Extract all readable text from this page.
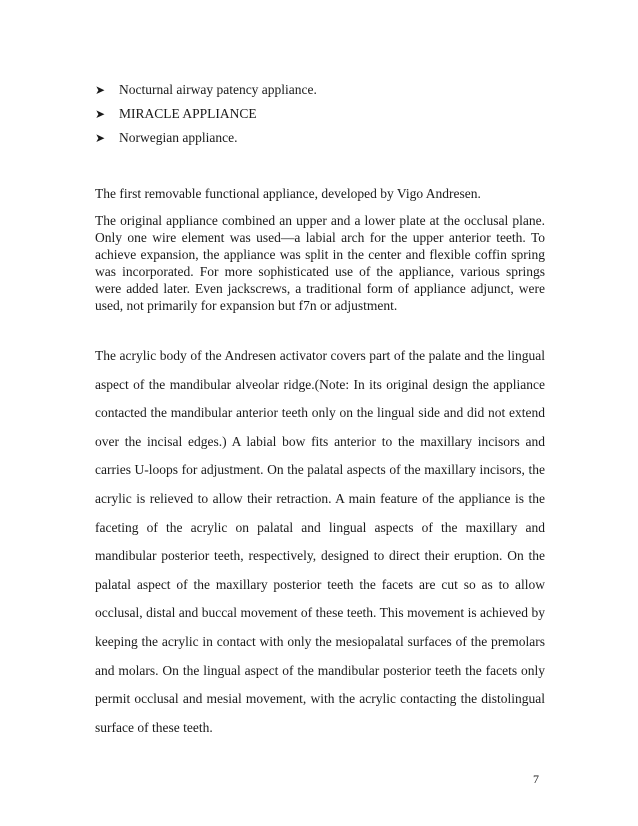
➤ Nocturnal airway patency appliance.
➤ MIRACLE APPLIANCE
➤ Norwegian appliance.

The first removable functional appliance, developed by Vigo Andresen.

The original appliance combined an upper and a lower plate at the occlusal plane. Only one wire element was used—a labial arch for the upper anterior teeth. To achieve expansion, the appliance was split in the center and flexible coffin spring was incorporated. For more sophisticated use of the appliance, various springs were added later. Even jackscrews, a traditional form of appliance adjunct, were used, not primarily for expansion but f7n or adjustment.

The acrylic body of the Andresen activator covers part of the palate and the lingual aspect of the mandibular alveolar ridge.(Note: In its original design the appliance contacted the mandibular anterior teeth only on the lingual side and did not extend over the incisal edges.) A labial bow fits anterior to the maxillary incisors and carries U-loops for adjustment. On the palatal aspects of the maxillary incisors, the acrylic is relieved to allow their retraction. A main feature of the appliance is the faceting of the acrylic on palatal and lingual aspects of the maxillary and mandibular posterior teeth, respectively, designed to direct their eruption. On the palatal aspect of the maxillary posterior teeth the facets are cut so as to allow occlusal, distal and buccal movement of these teeth. This movement is achieved by keeping the acrylic in contact with only the mesiopalatal surfaces of the premolars and molars. On the lingual aspect of the mandibular posterior teeth the facets only permit occlusal and mesial movement, with the acrylic contacting the distolingual surface of these teeth.

7
